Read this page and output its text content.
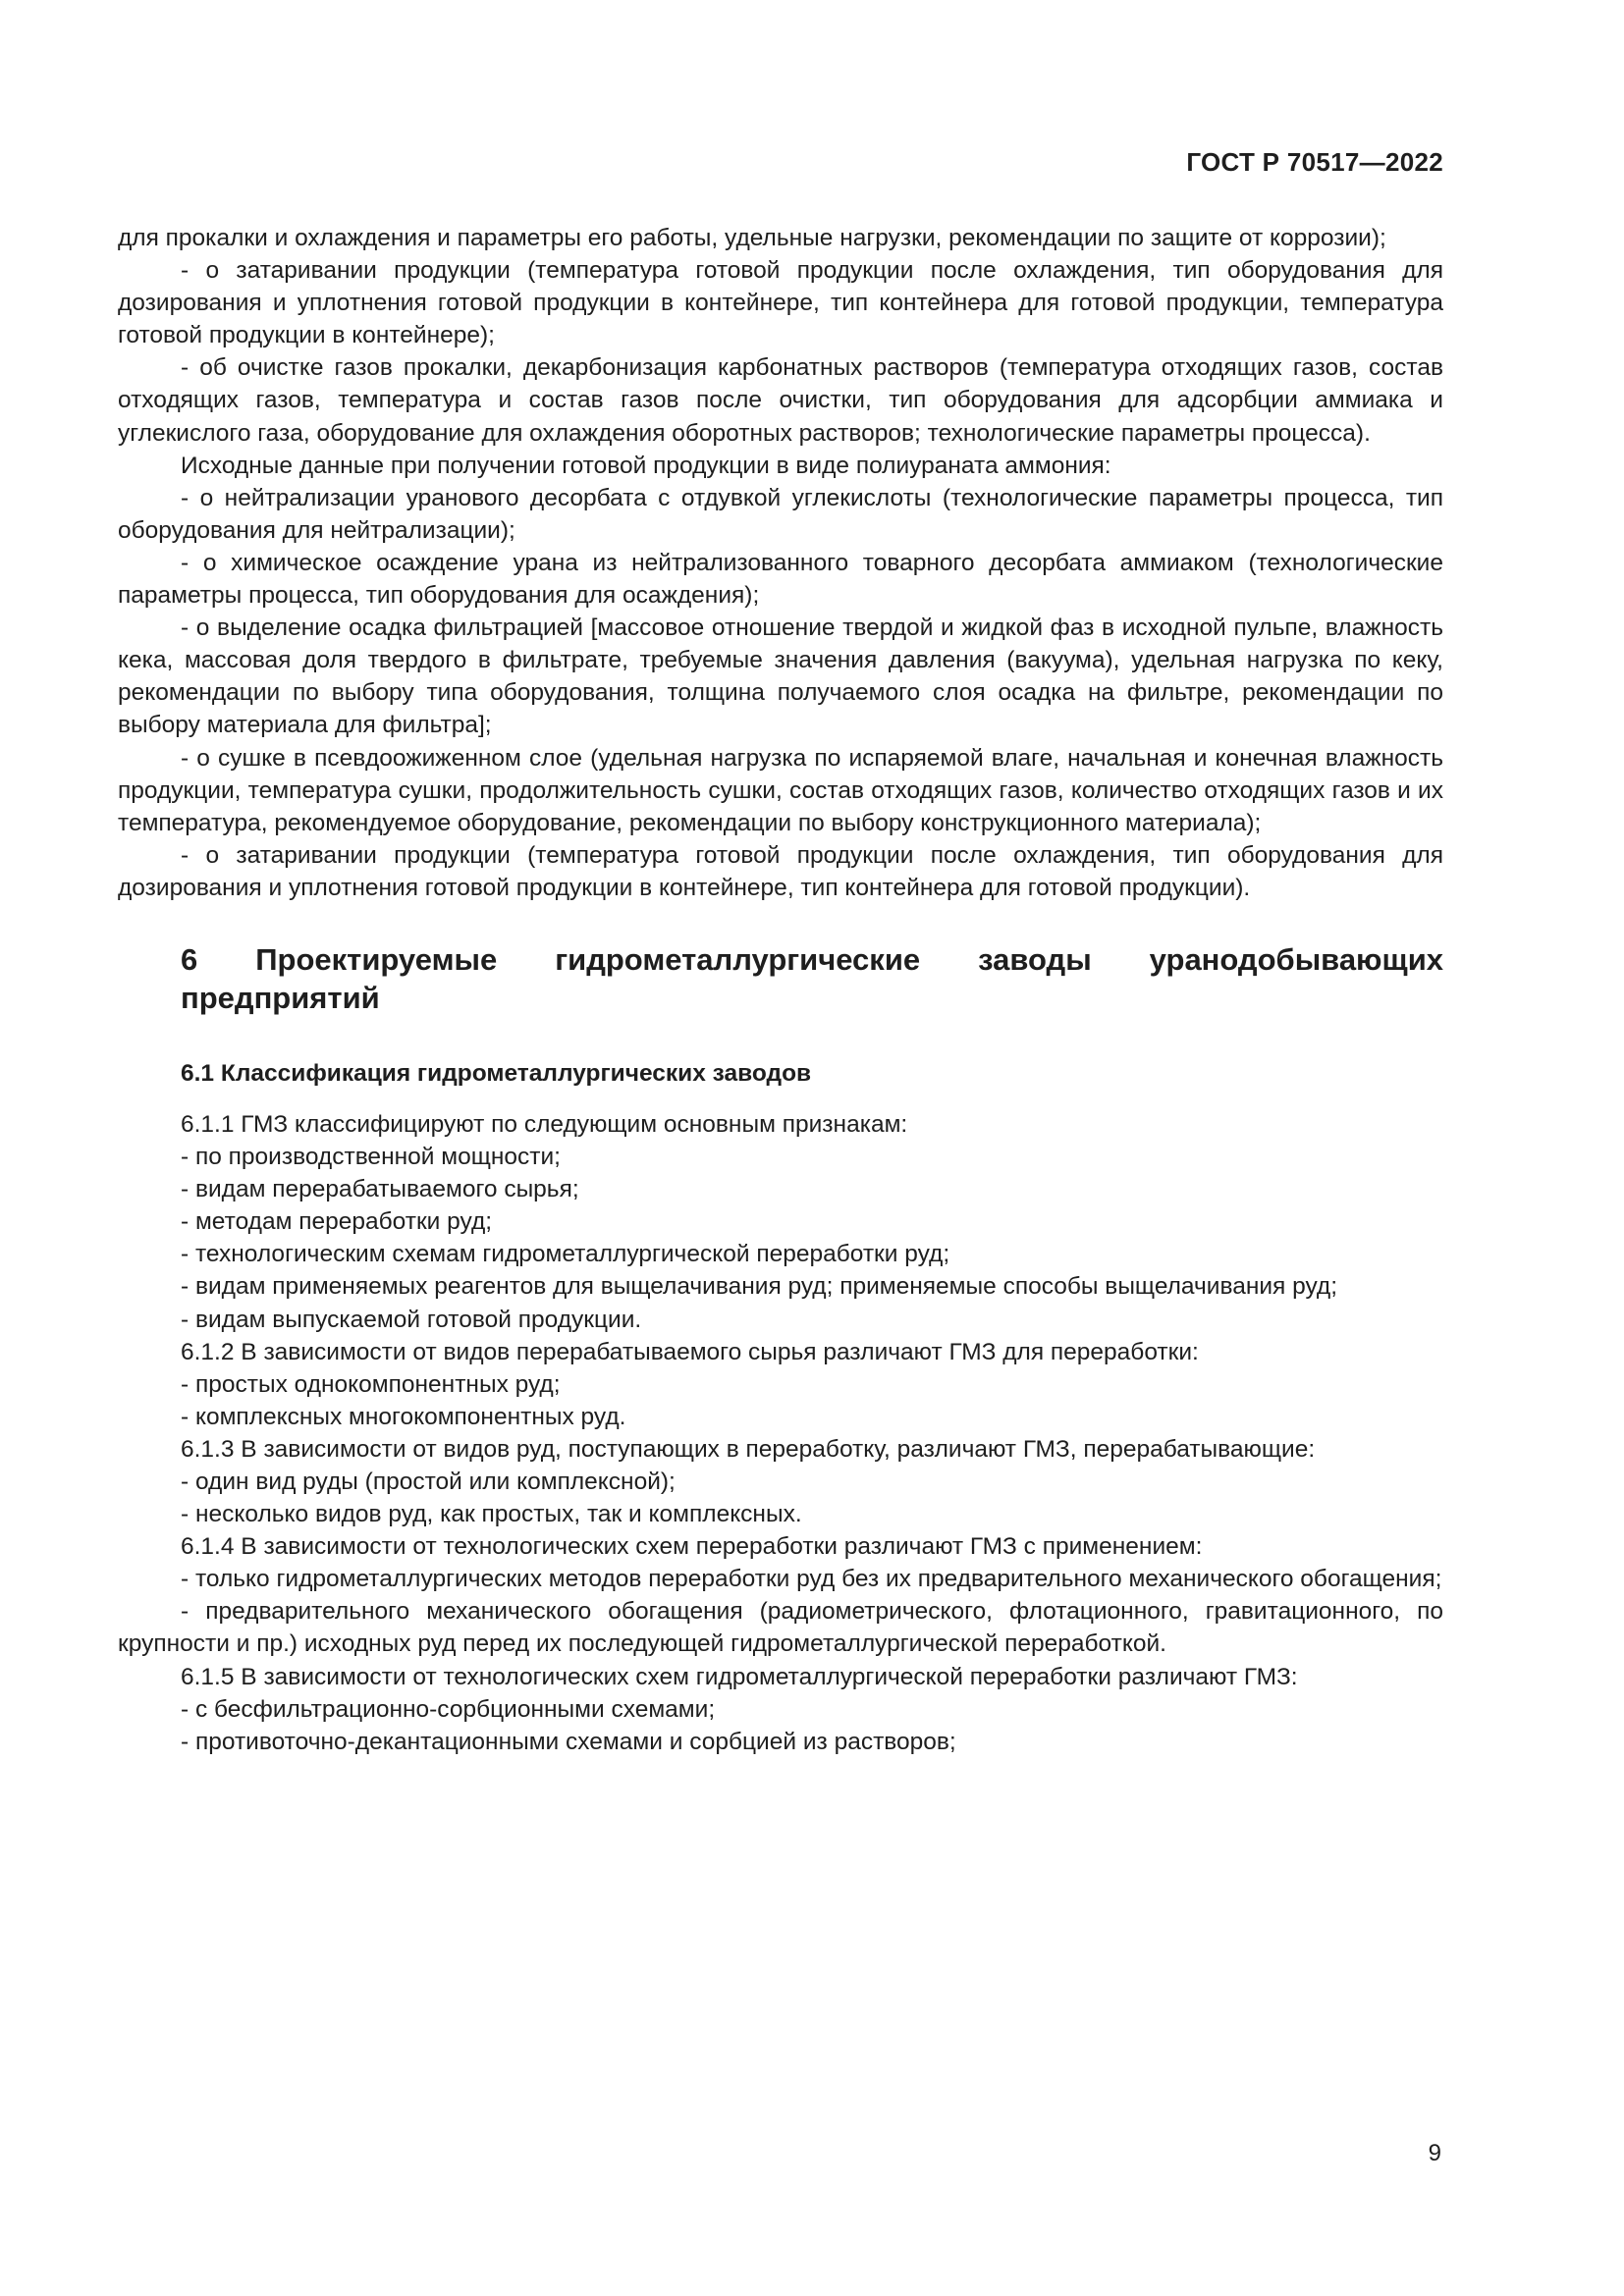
ГОСТ Р 70517—2022

для прокалки и охлаждения и параметры его работы, удельные нагрузки, рекомендации по защите от коррозии);

- о затаривании продукции (температура готовой продукции после охлаждения, тип оборудования для дозирования и уплотнения готовой продукции в контейнере, тип контейнера для готовой продукции, температура готовой продукции в контейнере);

- об очистке газов прокалки, декарбонизация карбонатных растворов (температура отходящих газов, состав отходящих газов, температура и состав газов после очистки, тип оборудования для адсорбции аммиака и углекислого газа, оборудование для охлаждения оборотных растворов; технологические параметры процесса).

Исходные данные при получении готовой продукции в виде полиураната аммония:

- о нейтрализации уранового десорбата с отдувкой углекислоты (технологические параметры процесса, тип оборудования для нейтрализации);

- о химическое осаждение урана из нейтрализованного товарного десорбата аммиаком (технологические параметры процесса, тип оборудования для осаждения);

- о выделение осадка фильтрацией [массовое отношение твердой и жидкой фаз в исходной пульпе, влажность кека, массовая доля твердого в фильтрате, требуемые значения давления (вакуума), удельная нагрузка по кеку, рекомендации по выбору типа оборудования, толщина получаемого слоя осадка на фильтре, рекомендации по выбору материала для фильтра];

- о сушке в псевдоожиженном слое (удельная нагрузка по испаряемой влаге, начальная и конечная влажность продукции, температура сушки, продолжительность сушки, состав отходящих газов, количество отходящих газов и их температура, рекомендуемое оборудование, рекомендации по выбору конструкционного материала);

- о затаривании продукции (температура готовой продукции после охлаждения, тип оборудования для дозирования и уплотнения готовой продукции в контейнере, тип контейнера для готовой продукции).

6 Проектируемые гидрометаллургические заводы уранодобывающих предприятий
6.1 Классификация гидрометаллургических заводов

6.1.1 ГМЗ классифицируют по следующим основным признакам:

- по производственной мощности;

- видам перерабатываемого сырья;

- методам переработки руд;

- технологическим схемам гидрометаллургической переработки руд;

- видам применяемых реагентов для выщелачивания руд; применяемые способы выщелачивания руд;

- видам выпускаемой готовой продукции.

6.1.2 В зависимости от видов перерабатываемого сырья различают ГМЗ для переработки:

- простых однокомпонентных руд;

- комплексных многокомпонентных руд.

6.1.3 В зависимости от видов руд, поступающих в переработку, различают ГМЗ, перерабатывающие:

- один вид руды (простой или комплексной);

- несколько видов руд, как простых, так и комплексных.

6.1.4 В зависимости от технологических схем переработки различают ГМЗ с применением:

- только гидрометаллургических методов переработки руд без их предварительного механического обогащения;

- предварительного механического обогащения (радиометрического, флотационного, гравитационного, по крупности и пр.) исходных руд перед их последующей гидрометаллургической переработкой.

6.1.5 В зависимости от технологических схем гидрометаллургической переработки различают ГМЗ:

- с бесфильтрационно-сорбционными схемами;

- противоточно-декантационными схемами и сорбцией из растворов;

9
